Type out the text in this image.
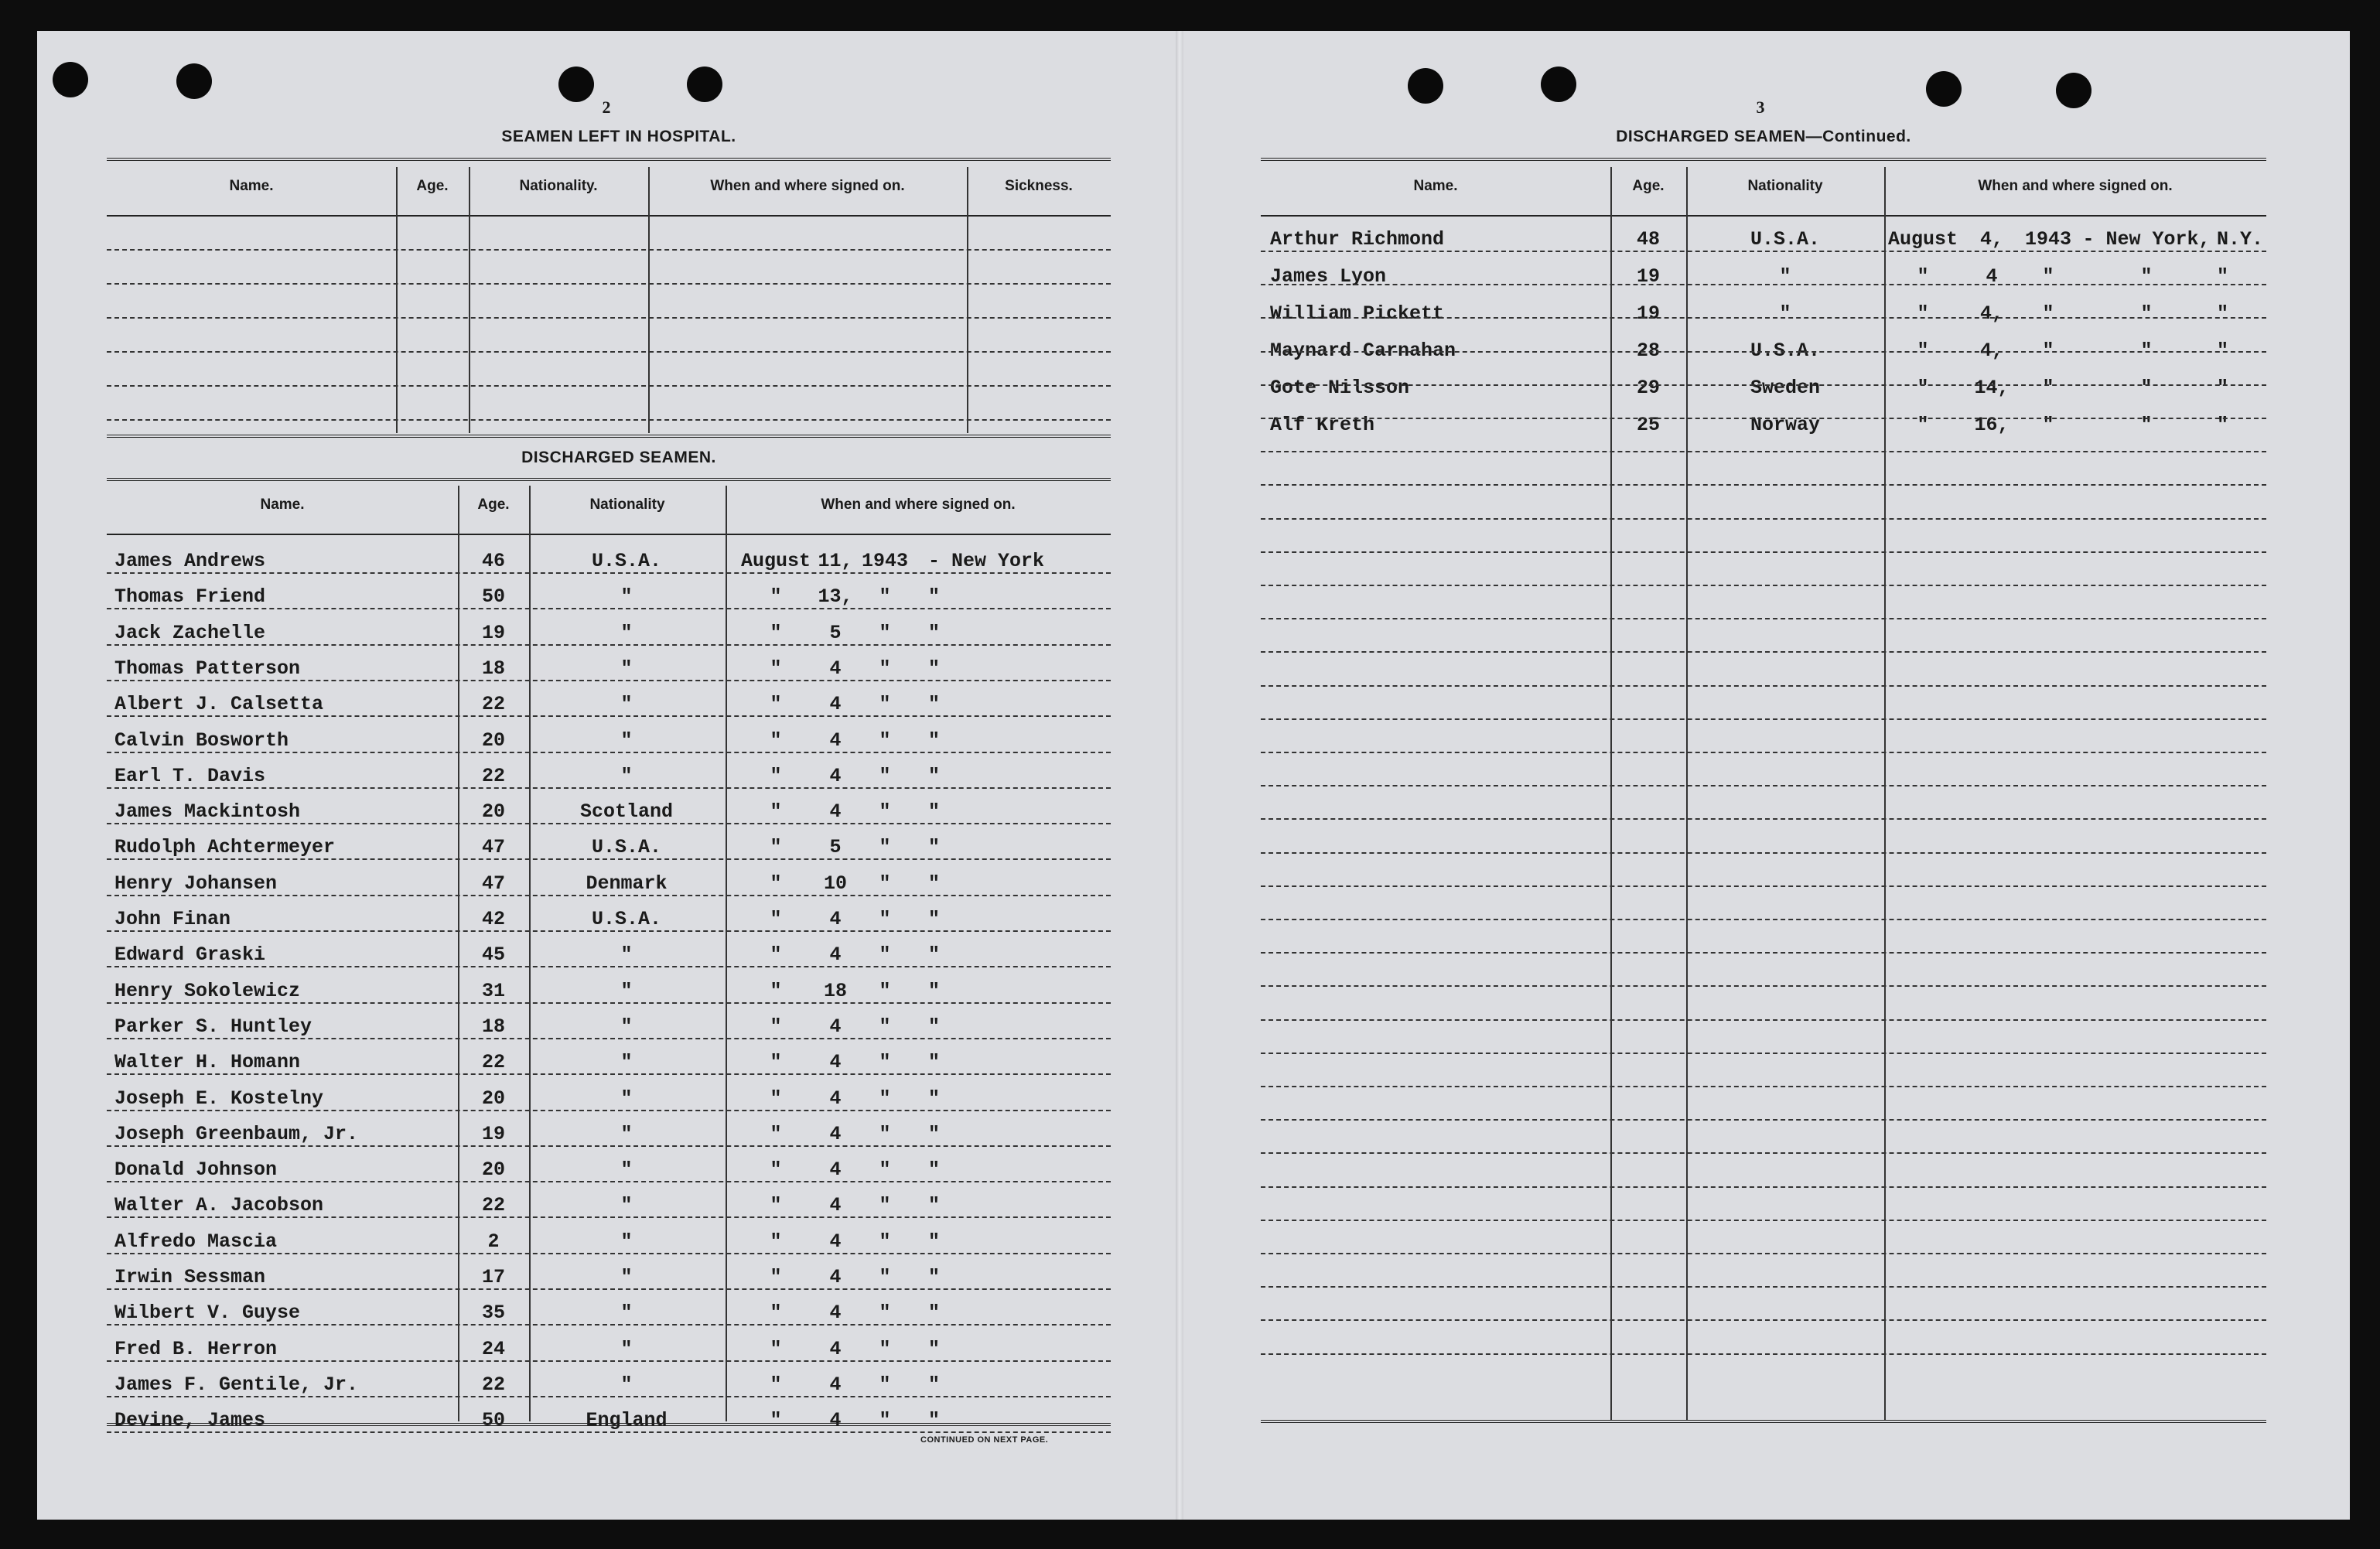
2
SEAMEN LEFT IN HOSPITAL.
Name.	Age.	Nationality.	When and where signed on.	Sickness.
DISCHARGED SEAMEN.
Name.	Age.	Nationality	When and where signed on.
James Andrews	46	U.S.A.	August 11, 1943	- New York
Thomas Friend	50	"	"	13,	"	"
Jack Zachelle	19	"	"	5	"	"
Thomas Patterson	18	"	"	4	"	"
Albert J. Calsetta	22	"	"	4	"	"
Calvin Bosworth	20	"	"	4	"	"
Earl T. Davis	22	"	"	4	"	"
James Mackintosh	20	Scotland	"	4	"	"
Rudolph Achtermeyer	47	U.S.A.	"	5	"	"
Henry Johansen	47	Denmark	"	10	"	"
John Finan	42	U.S.A.	"	4	"	"
Edward Graski	45	"	"	4	"	"
Henry Sokolewicz	31	"	"	18	"	"
Parker S. Huntley	18	"	"	4	"	"
Walter H. Homann	22	"	"	4	"	"
Joseph E. Kostelny	20	"	"	4	"	"
Joseph Greenbaum, Jr.	19	"	"	4	"	"
Donald Johnson	20	"	"	4	"	"
Walter A. Jacobson	22	"	"	4	"	"
Alfredo Mascia	2	"	"	4	"	"
Irwin Sessman	17	"	"	4	"	"
Wilbert V. Guyse	35	"	"	4	"	"
Fred B. Herron	24	"	"	4	"	"
James F. Gentile, Jr.	22	"	"	4	"	"
Devine, James	50	England	"	4	"	"
CONTINUED ON NEXT PAGE.
3
DISCHARGED SEAMEN—Continued.
Name.	Age.	Nationality	When and where signed on.
Arthur Richmond	48	U.S.A.	August	4,	1943 - New York, N.Y.
James Lyon	19	"	"	4	"	"	"
William Pickett	19	"	"	4,	"	"	"
Maynard Carnahan	28	U.S.A.	"	4,	"	"	"
Gote Nilsson	29	Sweden	"	14,	"	"	"
Alf Kreth	25	Norway	"	16,	"	"	"
